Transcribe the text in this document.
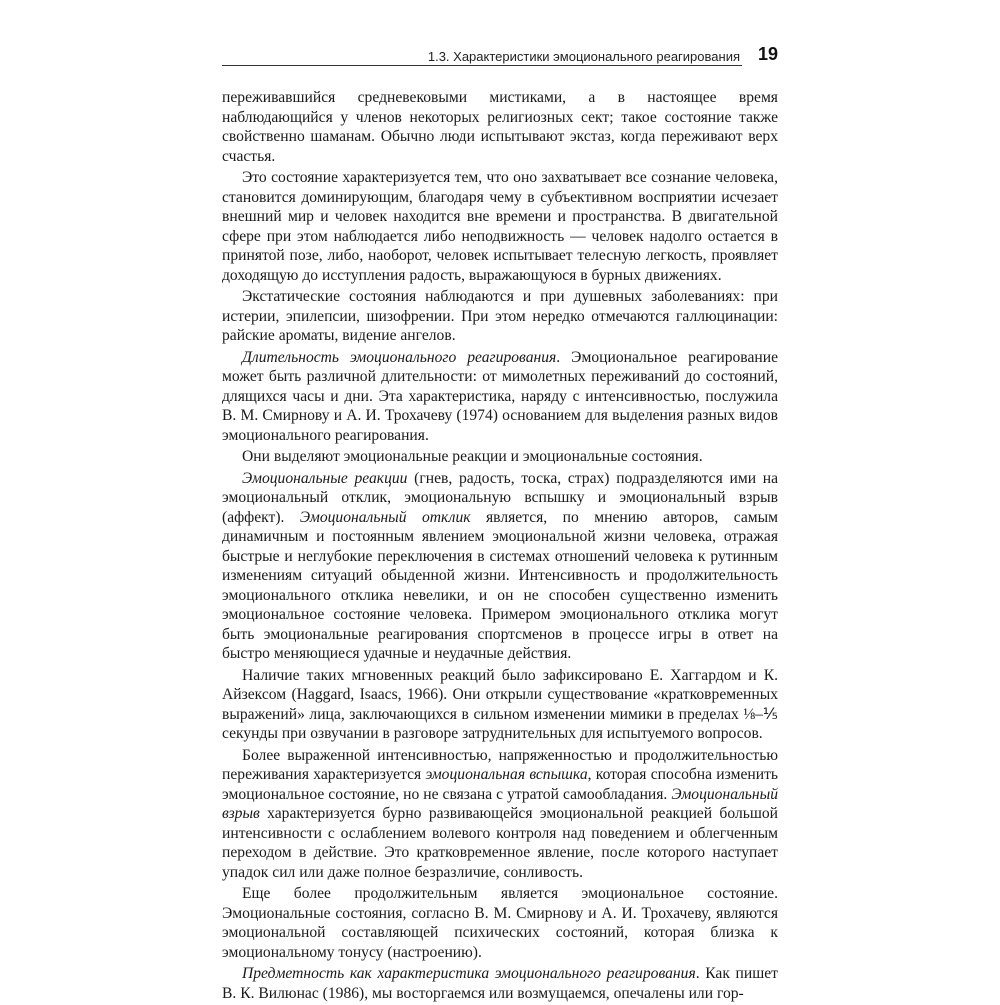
1.3. Характеристики эмоционального реагирования 19

переживавшийся средневековыми мистиками, а в настоящее время наблюдающийся у членов некоторых религиозных сект; такое состояние также свойственно шаманам. Обычно люди испытывают экстаз, когда переживают верх счастья.

Это состояние характеризуется тем, что оно захватывает все сознание человека, становится доминирующим, благодаря чему в субъективном восприятии исчезает внешний мир и человек находится вне времени и пространства. В двигательной сфере при этом наблюдается либо неподвижность — человек надолго остается в принятой позе, либо, наоборот, человек испытывает телесную легкость, проявляет доходящую до исступления радость, выражающуюся в бурных движениях.

Экстатические состояния наблюдаются и при душевных заболеваниях: при истерии, эпилепсии, шизофрении. При этом нередко отмечаются галлюцинации: райские ароматы, видение ангелов.

Длительность эмоционального реагирования. Эмоциональное реагирование может быть различной длительности: от мимолетных переживаний до состояний, длящихся часы и дни. Эта характеристика, наряду с интенсивностью, послужила В. М. Смирнову и А. И. Трохачеву (1974) основанием для выделения разных видов эмоционального реагирования.

Они выделяют эмоциональные реакции и эмоциональные состояния.

Эмоциональные реакции (гнев, радость, тоска, страх) подразделяются ими на эмоциональный отклик, эмоциональную вспышку и эмоциональный взрыв (аффект). Эмоциональный отклик является, по мнению авторов, самым динамичным и постоянным явлением эмоциональной жизни человека, отражая быстрые и неглубокие переключения в системах отношений человека к рутинным изменениям ситуаций обыденной жизни. Интенсивность и продолжительность эмоционального отклика невелики, и он не способен существенно изменить эмоциональное состояние человека. Примером эмоционального отклика могут быть эмоциональные реагирования спортсменов в процессе игры в ответ на быстро меняющиеся удачные и неудачные действия.

Наличие таких мгновенных реакций было зафиксировано Е. Хаггардом и К. Айзексом (Haggard, Isaacs, 1966). Они открыли существование «кратковременных выражений» лица, заключающихся в сильном изменении мимики в пределах ⅛–⅕ секунды при озвучании в разговоре затруднительных для испытуемого вопросов.

Более выраженной интенсивностью, напряженностью и продолжительностью переживания характеризуется эмоциональная вспышка, которая способна изменить эмоциональное состояние, но не связана с утратой самообладания. Эмоциональный взрыв характеризуется бурно развивающейся эмоциональной реакцией большой интенсивности с ослаблением волевого контроля над поведением и облегченным переходом в действие. Это кратковременное явление, после которого наступает упадок сил или даже полное безразличие, сонливость.

Еще более продолжительным является эмоциональное состояние. Эмоциональные состояния, согласно В. М. Смирнову и А. И. Трохачеву, являются эмоциональной составляющей психических состояний, которая близка к эмоциональному тонусу (настроению).

Предметность как характеристика эмоционального реагирования. Как пишет В. К. Вилюнас (1986), мы восторгаемся или возмущаемся, опечалены или гор-
